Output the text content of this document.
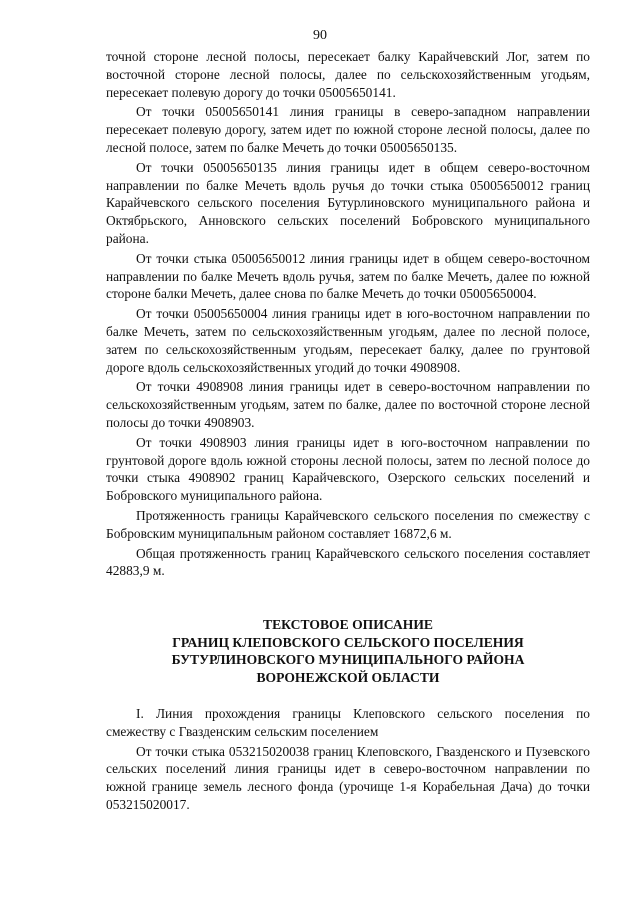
90

точной стороне лесной полосы, пересекает балку Карайчевский Лог, затем по восточной стороне лесной полосы, далее по сельскохозяйственным угодьям, пересекает полевую дорогу до точки 05005650141.

От точки 05005650141 линия границы в северо-западном направлении пересекает полевую дорогу, затем идет по южной стороне лесной полосы, далее по лесной полосе, затем по балке Мечеть до точки 05005650135.

От точки 05005650135 линия границы идет в общем северо-восточном направлении по балке Мечеть вдоль ручья до точки стыка 05005650012 границ Карайчевского сельского поселения Бутурлиновского муниципального района и Октябрьского, Анновского сельских поселений Бобровского муниципального района.

От точки стыка 05005650012 линия границы идет в общем северо-восточном направлении по балке Мечеть вдоль ручья, затем по балке Мечеть, далее по южной стороне балки Мечеть, далее снова по балке Мечеть до точки 05005650004.

От точки 05005650004 линия границы идет в юго-восточном направлении по балке Мечеть, затем по сельскохозяйственным угодьям, далее по лесной полосе, затем по сельскохозяйственным угодьям, пересекает балку, далее по грунтовой дороге вдоль сельскохозяйственных угодий до точки 4908908.

От точки 4908908 линия границы идет в северо-восточном направлении по сельскохозяйственным угодьям, затем по балке, далее по восточной стороне лесной полосы до точки 4908903.

От точки 4908903 линия границы идет в юго-восточном направлении по грунтовой дороге вдоль южной стороны лесной полосы, затем по лесной полосе до точки стыка 4908902 границ Карайчевского, Озерского сельских поселений и Бобровского муниципального района.

Протяженность границы Карайчевского сельского поселения по смежеству с Бобровским муниципальным районом составляет 16872,6 м.

Общая протяженность границ Карайчевского сельского поселения составляет 42883,9 м.

ТЕКСТОВОЕ ОПИСАНИЕ
ГРАНИЦ КЛЕПОВСКОГО СЕЛЬСКОГО ПОСЕЛЕНИЯ
БУТУРЛИНОВСКОГО МУНИЦИПАЛЬНОГО РАЙОНА
ВОРОНЕЖСКОЙ ОБЛАСТИ

I. Линия прохождения границы Клеповского сельского поселения по смежеству с Гвазденским сельским поселением

От точки стыка 053215020038 границ Клеповского, Гвазденского и Пузевского сельских поселений линия границы идет в северо-восточном направлении по южной границе земель лесного фонда (урочище 1-я Корабельная Дача) до точки 053215020017.
